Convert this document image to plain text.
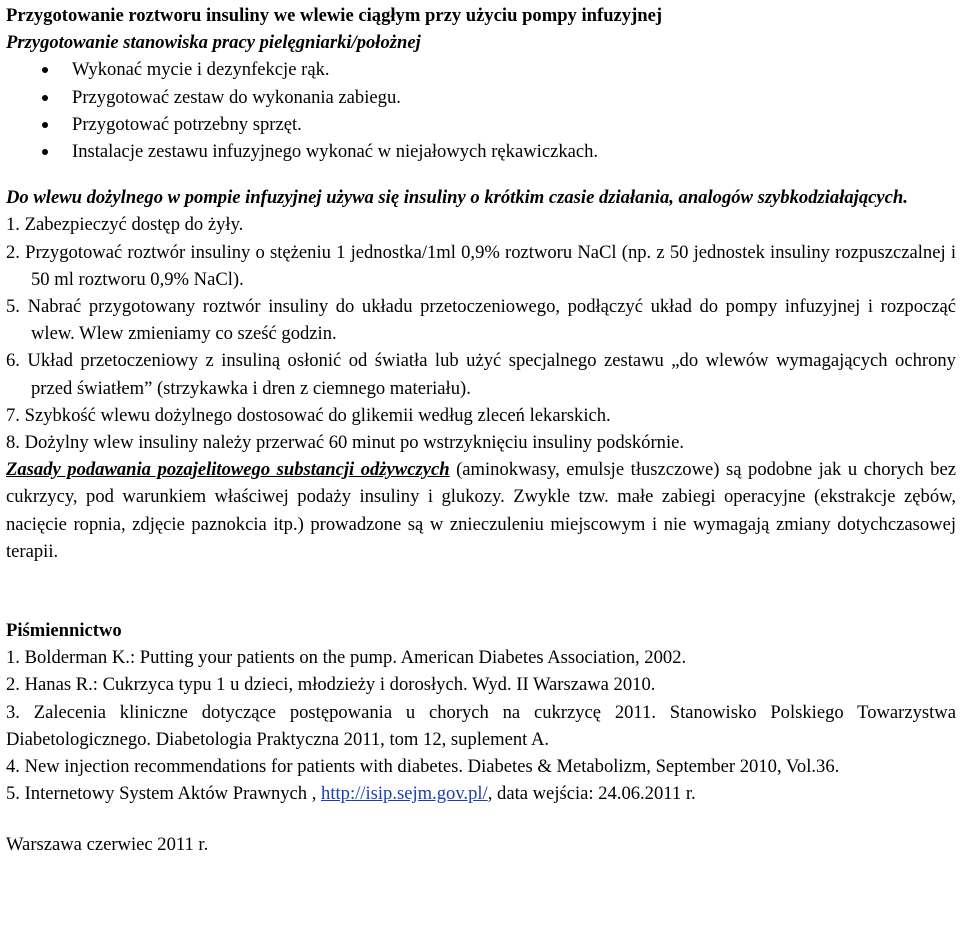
Przygotowanie roztworu insuliny we wlewie ciągłym przy użyciu pompy infuzyjnej

Przygotowanie stanowiska pracy pielęgniarki/położnej

Wykonać mycie i dezynfekcje rąk.
Przygotować zestaw do wykonania zabiegu.
Przygotować potrzebny sprzęt.
Instalacje zestawu infuzyjnego wykonać w niejałowych rękawiczkach.

Do wlewu dożylnego w pompie infuzyjnej używa się insuliny o krótkim czasie działania, analogów szybkodziałających.

1. Zabezpieczyć dostęp do żyły.

2. Przygotować roztwór insuliny o stężeniu 1 jednostka/1ml 0,9% roztworu NaCl (np. z 50 jednostek insuliny rozpuszczalnej i 50 ml roztworu 0,9% NaCl).

5. Nabrać przygotowany roztwór insuliny do układu przetoczeniowego, podłączyć układ do pompy infuzyjnej i rozpocząć wlew. Wlew zmieniamy co sześć godzin.

6. Układ przetoczeniowy z insuliną osłonić od światła lub użyć specjalnego zestawu „do wlewów wymagających ochrony przed światłem” (strzykawka i dren z ciemnego materiału).

7. Szybkość wlewu dożylnego dostosować do glikemii według zleceń lekarskich.

8. Dożylny wlew insuliny należy przerwać 60 minut po wstrzyknięciu insuliny podskórnie.

Zasady podawania pozajelitowego substancji odżywczych (aminokwasy, emulsje tłuszczowe) są podobne jak u chorych bez cukrzycy, pod warunkiem właściwej podaży insuliny i glukozy. Zwykle tzw. małe zabiegi operacyjne (ekstrakcje zębów, nacięcie ropnia, zdjęcie paznokcia itp.) prowadzone są w znieczuleniu miejscowym i nie wymagają zmiany dotychczasowej terapii.

Piśmiennictwo

1. Bolderman K.: Putting your patients on the pump. American Diabetes Association, 2002.

2. Hanas R.: Cukrzyca typu 1 u dzieci, młodzieży i dorosłych. Wyd. II Warszawa 2010.

3. Zalecenia kliniczne dotyczące postępowania u chorych na cukrzycę 2011. Stanowisko Polskiego Towarzystwa Diabetologicznego. Diabetologia Praktyczna 2011, tom 12, suplement A.

4. New injection recommendations for patients with diabetes. Diabetes & Metabolizm, September 2010, Vol.36.

5. Internetowy System Aktów Prawnych , http://isip.sejm.gov.pl/, data wejścia: 24.06.2011 r.

Warszawa czerwiec 2011 r.
